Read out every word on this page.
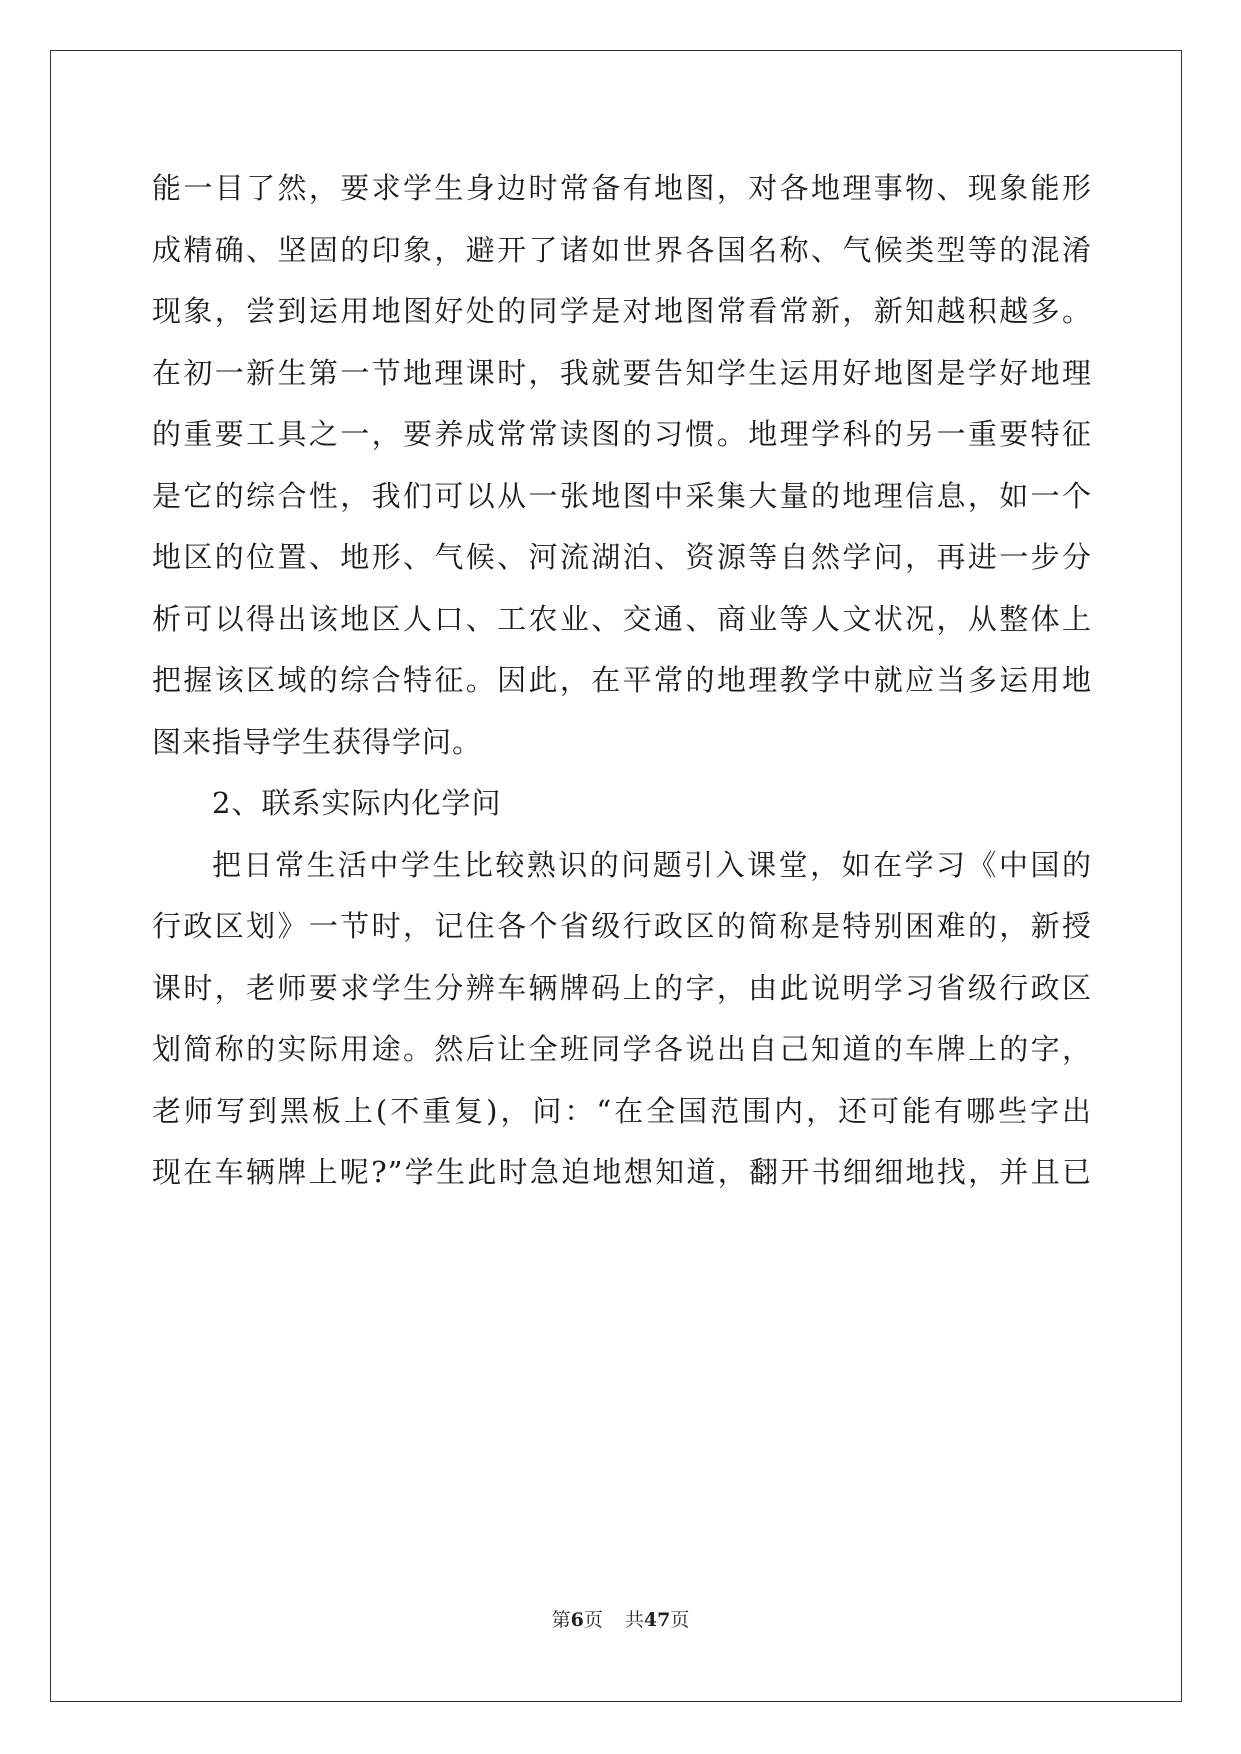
能一目了然，要求学生身边时常备有地图，对各地理事物、现象能形
成精确、坚固的印象，避开了诸如世界各国名称、气候类型等的混淆
现象，尝到运用地图好处的同学是对地图常看常新，新知越积越多。
在初一新生第一节地理课时，我就要告知学生运用好地图是学好地理
的重要工具之一，要养成常常读图的习惯。地理学科的另一重要特征
是它的综合性，我们可以从一张地图中采集大量的地理信息，如一个
地区的位置、地形、气候、河流湖泊、资源等自然学问，再进一步分
析可以得出该地区人口、工农业、交通、商业等人文状况，从整体上
把握该区域的综合特征。因此，在平常的地理教学中就应当多运用地
图来指导学生获得学问。
2、联系实际内化学问
把日常生活中学生比较熟识的问题引入课堂，如在学习《中国的
行政区划》一节时，记住各个省级行政区的简称是特别困难的，新授
课时，老师要求学生分辨车辆牌码上的字，由此说明学习省级行政区
划简称的实际用途。然后让全班同学各说出自己知道的车牌上的字，
老师写到黑板上(不重复)，问：“在全国范围内，还可能有哪些字出
现在车辆牌上呢?”学生此时急迫地想知道，翻开书细细地找，并且已
第6页 共47页
